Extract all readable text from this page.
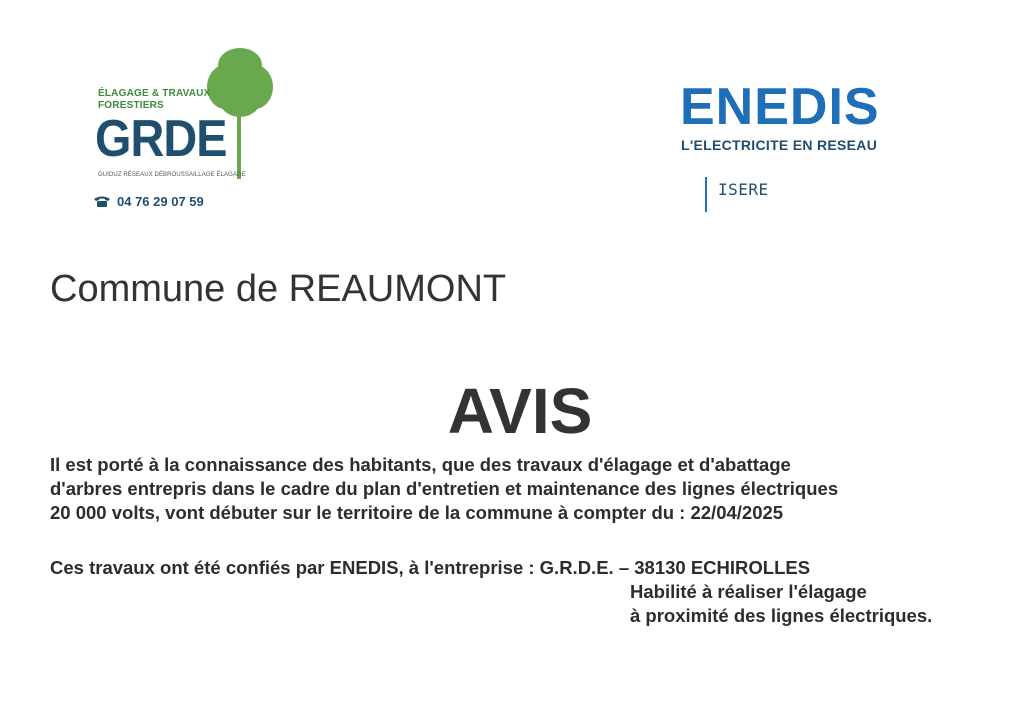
ÉLAGAGE & TRAVAUX
FORESTIERS
GRDE
GUIDUZ RÉSEAUX DÉBROUSSAILLAGE ÉLAGAGE
04 76 29 07 59
ENEDIS
L'ELECTRICITE EN RESEAU
ISERE
Commune de REAUMONT
AVIS
Il est porté à la connaissance des habitants, que des travaux d'élagage et d'abattage
d'arbres entrepris dans le cadre du plan d'entretien et maintenance des lignes électriques
20 000 volts, vont débuter sur le territoire de la commune à compter du : 22/04/2025
Ces travaux ont été confiés par ENEDIS, à l'entreprise : G.R.D.E. – 38130 ECHIROLLES
Habilité à réaliser l'élagage
à proximité des lignes électriques.
